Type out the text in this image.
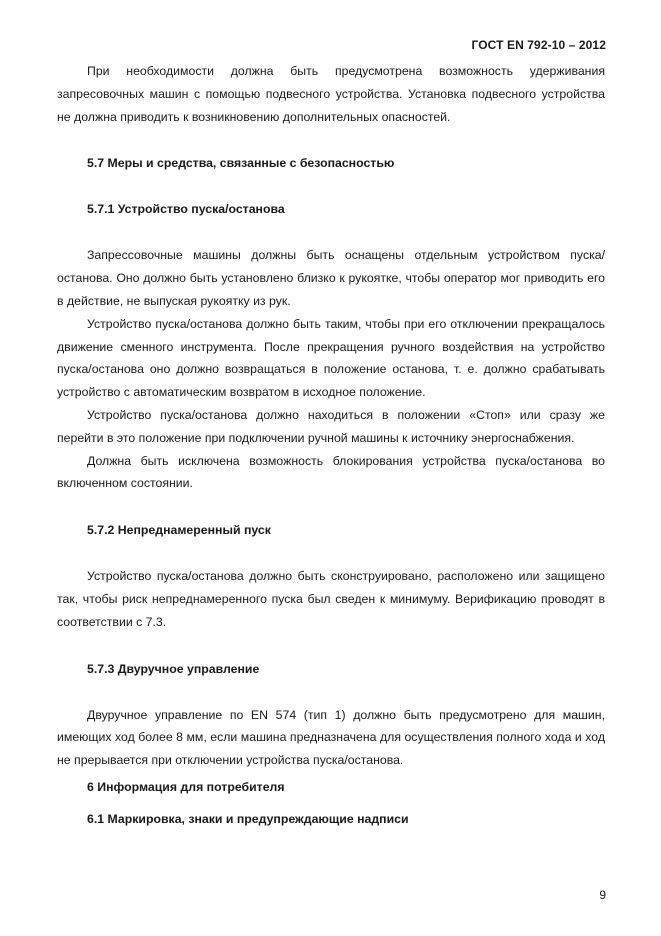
ГОСТ EN 792-10 – 2012

При необходимости должна быть предусмотрена возможность удерживания запресовочных машин с помощью подвесного устройства. Установка подвесного устройства не должна приводить к возникновению дополнительных опасностей.

5.7 Меры и средства, связанные с безопасностью
5.7.1 Устройство пуска/останова

Запрессовочные машины должны быть оснащены отдельным устройством пуска/останова. Оно должно быть установлено близко к рукоятке, чтобы оператор мог приводить его в действие, не выпуская рукоятку из рук.

Устройство пуска/останова должно быть таким, чтобы при его отключении прекращалось движение сменного инструмента. После прекращения ручного воздействия на устройство пуска/останова оно должно возвращаться в положение останова, т. е. должно срабатывать устройство с автоматическим возвратом в исходное положение.

Устройство пуска/останова должно находиться в положении «Стоп» или сразу же перейти в это положение при подключении ручной машины к источнику энергоснабжения.

Должна быть исключена возможность блокирования устройства пуска/останова во включенном состоянии.

5.7.2 Непреднамеренный пуск

Устройство пуска/останова должно быть сконструировано, расположено или защищено так, чтобы риск непреднамеренного пуска был сведен к минимуму. Верификацию проводят в соответствии с 7.3.

5.7.3 Двуручное управление

Двуручное управление по EN 574 (тип 1) должно быть предусмотрено для машин, имеющих ход более 8 мм, если машина предназначена для осуществления полного хода и ход не прерывается при отключении устройства пуска/останова.

6 Информация для потребителя
6.1 Маркировка, знаки и предупреждающие надписи
9
